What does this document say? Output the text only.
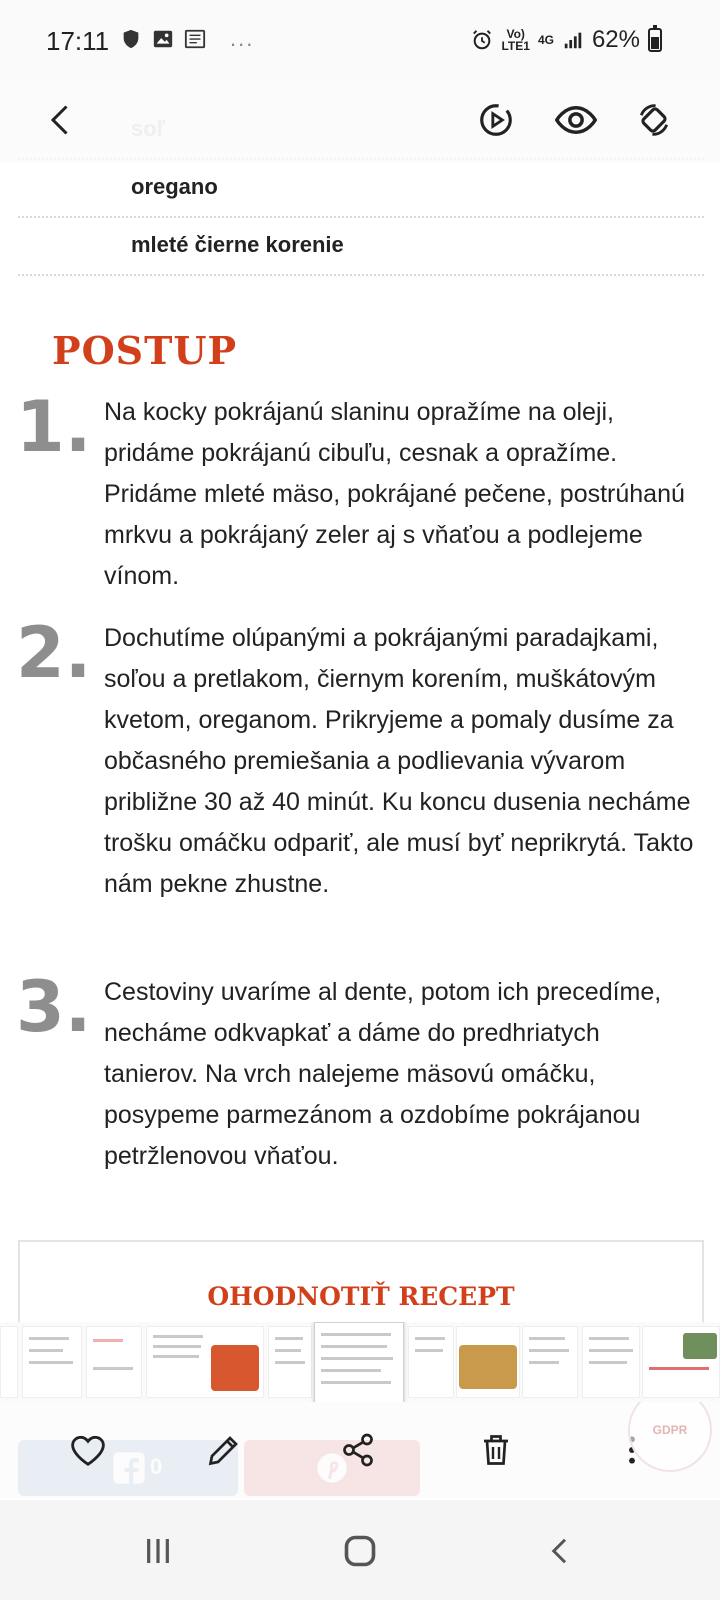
17:11	...	Vo)
LTE1 4G 62%
oregano
mleté čierne korenie
POSTUP
1. Na kocky pokrájanú slaninu opražíme na oleji, pridáme pokrájanú cibuľu, cesnak a opražíme. Pridáme mleté mäso, pokrájané pečene, postrúhanú mrkvu a pokrájaný zeler aj s vňaťou a podlejeme vínom.
2. Dochutíme olúpanými a pokrájanými paradajkami, soľou a pretlakom, čiernym korením, muškátovým kvetom, oreganom. Prikryjeme a pomaly dusíme za občasného premiešania a podlievania vývarom približne 30 až 40 minút. Ku koncu dusenia necháme trošku omáčku odpariť, ale musí byť neprikrytá. Takto nám pekne zhustne.
3. Cestoviny uvaríme al dente, potom ich precedíme, necháme odkvapkať a dáme do predhriatych tanierov. Na vrch nalejeme mäsovú omáčku, posypeme parmezánom a ozdobíme pokrájanou petržlenovou vňaťou.
OHODNOTIŤ RECEPT
GDPR
